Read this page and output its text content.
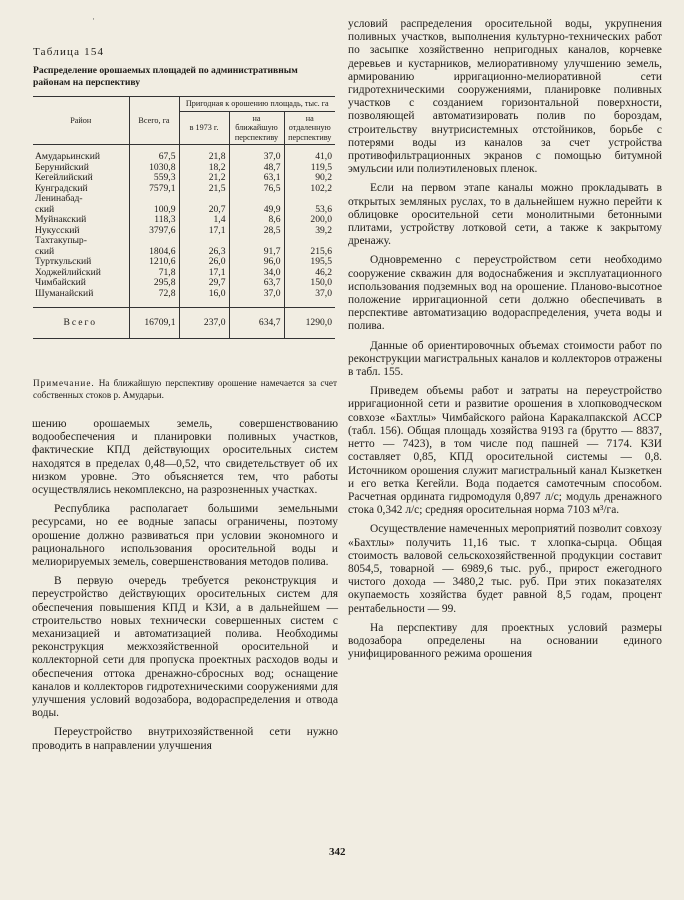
·
Таблица 154
Распределение орошаемых площадей по административным районам на перспективу
Район	Всего, га	Пригодная к орошению площадь, тыс. га		
		в 1973 г.	на ближайшую перспективу	на отдаленную перспективу
Амударьинский	67,5	21,8	37,0	41,0
Берунийский	1030,8	18,2	48,7	119,5
Кегейлийский	559,3	21,2	63,1	90,2
Кунградский	7579,1	21,5	76,5	102,2
Ленинабад-				
ский	100,9	20,7	49,9	53,6
Муйнакский	118,3	1,4	8,6	200,0
Нукусский	3797,6	17,1	28,5	39,2
Тахтакупыр-				
ский	1804,6	26,3	91,7	215,6
Турткульский	1210,6	26,0	96,0	195,5
Ходжейлийский	71,8	17,1	34,0	46,2
Чимбайский	295,8	29,7	63,7	150,0
Шуманайский	72,8	16,0	37,0	37,0
Всего	16709,1	237,0	634,7	1290,0
Примечание. На ближайшую перспективу орошение намечается за счет собственных стоков р. Амударьи.

шению орошаемых земель, совершенствованию водообеспечения и планировки поливных участков, фактические КПД действующих оросительных систем находятся в пределах 0,48—0,52, что свидетельствует об их низком уровне. Это объясняется тем, что работы осуществлялись некомплексно, на разрозненных участках.

Республика располагает большими земельными ресурсами, но ее водные запасы ограничены, поэтому орошение должно развиваться при условии экономного и рационального использования оросительной воды и мелиорируемых земель, совершенствования методов полива.

В первую очередь требуется реконструкция и переустройство действующих оросительных систем для обеспечения повышения КПД и КЗИ, а в дальнейшем — строительство новых технически совершенных систем с механизацией и автоматизацией полива. Необходимы реконструкция межхозяйственной оросительной и коллекторной сети для пропуска проектных расходов воды и обеспечения оттока дренажно-сбросных вод; оснащение каналов и коллекторов гидротехническими сооружениями для улучшения условий водозабора, водораспределения и отвода воды.

Переустройство внутрихозяйственной сети нужно проводить в направлении улучшения

условий распределения оросительной воды, укрупнения поливных участков, выполнения культурно-технических работ по засыпке хозяйственно непригодных каналов, корчевке деревьев и кустарников, мелиоративному улучшению земель, армированию ирригационно-мелиоративной сети гидротехническими сооружениями, планировке поливных участков с созданием горизонтальной поверхности, позволяющей автоматизировать полив по бороздам, строительству внутрисистемных отстойников, борьбе с потерями воды из каналов за счет устройства противофильтрационных экранов с помощью битумной эмульсии или полиэтиленовых пленок.

Если на первом этапе каналы можно прокладывать в открытых земляных руслах, то в дальнейшем нужно перейти к облицовке оросительной сети монолитными бетонными плитами, устройству лотковой сети, а также к закрытому дренажу.

Одновременно с переустройством сети необходимо сооружение скважин для водоснабжения и эксплуатационного использования подземных вод на орошение. Планово-высотное положение ирригационной сети должно обеспечивать в перспективе автоматизацию водораспределения, учета воды и полива.

Данные об ориентировочных объемах стоимости работ по реконструкции магистральных каналов и коллекторов отражены в табл. 155.

Приведем объемы работ и затраты на переустройство ирригационной сети и развитие орошения в хлопководческом совхозе «Бахтлы» Чимбайского района Каракалпакской АССР (табл. 156). Общая площадь хозяйства 9193 га (брутто — 8837, нетто — 7423), в том числе под пашней — 7174. КЗИ составляет 0,85, КПД оросительной системы — 0,8. Источником орошения служит магистральный канал Кызкеткен и его ветка Кегейли. Вода подается самотечным способом. Расчетная ордината гидромодуля 0,897 л/с; модуль дренажного стока 0,342 л/с; средняя оросительная норма 7103 м³/га.

Осуществление намеченных мероприятий позволит совхозу «Бахтлы» получить 11,16 тыс. т хлопка-сырца. Общая стоимость валовой сельскохозяйственной продукции составит 8054,5, товарной — 6989,6 тыс. руб., прирост ежегодного чистого дохода — 3480,2 тыс. руб. При этих показателях окупаемость хозяйства будет равной 8,5 годам, процент рентабельности — 99.

На перспективу для проектных условий размеры водозабора определены на основании единого унифицированного режима орошения

342
